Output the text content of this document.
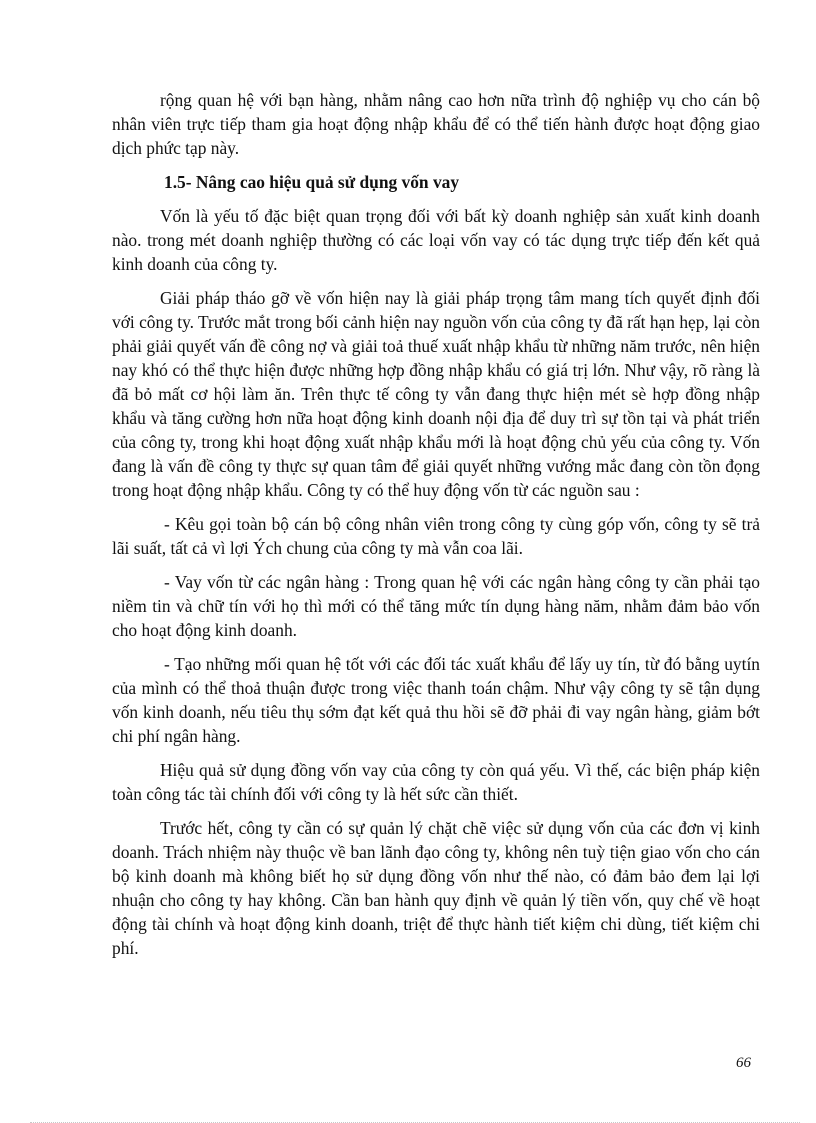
rộng quan hệ với bạn hàng, nhằm nâng cao hơn nữa trình độ nghiệp vụ cho cán bộ nhân viên trực tiếp tham gia hoạt động nhập khẩu để có thể tiến hành được hoạt động giao dịch phức tạp này.

1.5- Nâng cao hiệu quả sử dụng vốn vay

Vốn là yếu tố đặc biệt quan trọng đối với bất kỳ doanh nghiệp sản xuất kinh doanh nào. trong mét doanh nghiệp thường có các loại vốn vay có tác dụng trực tiếp đến kết quả kinh doanh của công ty.

Giải pháp tháo gỡ về vốn hiện nay là giải pháp trọng tâm mang tích quyết định đối với công ty. Trước mắt trong bối cảnh hiện nay nguồn vốn của công ty đã rất hạn hẹp, lại còn phải giải quyết vấn đề công nợ và giải toả thuế xuất nhập khẩu từ những năm trước, nên hiện nay khó có thể thực hiện được những hợp đồng nhập khẩu có giá trị lớn. Như vậy, rõ ràng là đã bỏ mất cơ hội làm ăn. Trên thực tế công ty vẫn đang thực hiện mét sè hợp đồng nhập khẩu và tăng cường hơn nữa hoạt động kinh doanh nội địa để duy trì sự tồn tại và phát triển của công ty, trong khi hoạt động xuất nhập khẩu mới là hoạt động chủ yếu của công ty. Vốn đang là vấn đề công ty thực sự quan tâm để giải quyết những vướng mắc đang còn tồn đọng trong hoạt động nhập khẩu. Công ty có thể huy động vốn từ các nguồn sau :

- Kêu gọi toàn bộ cán bộ công nhân viên trong công ty cùng góp vốn, công ty sẽ trả lãi suất, tất cả vì lợi Ých chung của công ty mà vẫn coa lãi.

- Vay vốn từ các ngân hàng : Trong quan hệ với các ngân hàng công ty cần phải tạo niềm tin và chữ tín với họ thì mới có thể tăng mức tín dụng hàng năm, nhằm đảm bảo vốn cho hoạt động kinh doanh.

- Tạo những mối quan hệ tốt với các đối tác xuất khẩu để lấy uy tín, từ đó bằng uytín của mình có thể thoả thuận được trong việc thanh toán chậm. Như vậy công ty sẽ tận dụng vốn kinh doanh, nếu tiêu thụ sớm đạt kết quả thu hồi sẽ đỡ phải đi vay ngân hàng, giảm bớt chi phí ngân hàng.

Hiệu quả sử dụng đồng vốn vay của công ty còn quá yếu. Vì thế, các biện pháp kiện toàn công tác tài chính đối với công ty là hết sức cần thiết.

Trước hết, công ty cần có sự quản lý chặt chẽ việc sử dụng vốn của các đơn vị kinh doanh. Trách nhiệm này thuộc về ban lãnh đạo công ty, không nên tuỳ tiện giao vốn cho cán bộ kinh doanh mà không biết họ sử dụng đồng vốn như thế nào, có đảm bảo đem lại lợi nhuận cho công ty hay không. Cần ban hành quy định về quản lý tiền vốn, quy chế về hoạt động tài chính và hoạt động kinh doanh, triệt để thực hành tiết kiệm chi dùng, tiết kiệm chi phí.

66
